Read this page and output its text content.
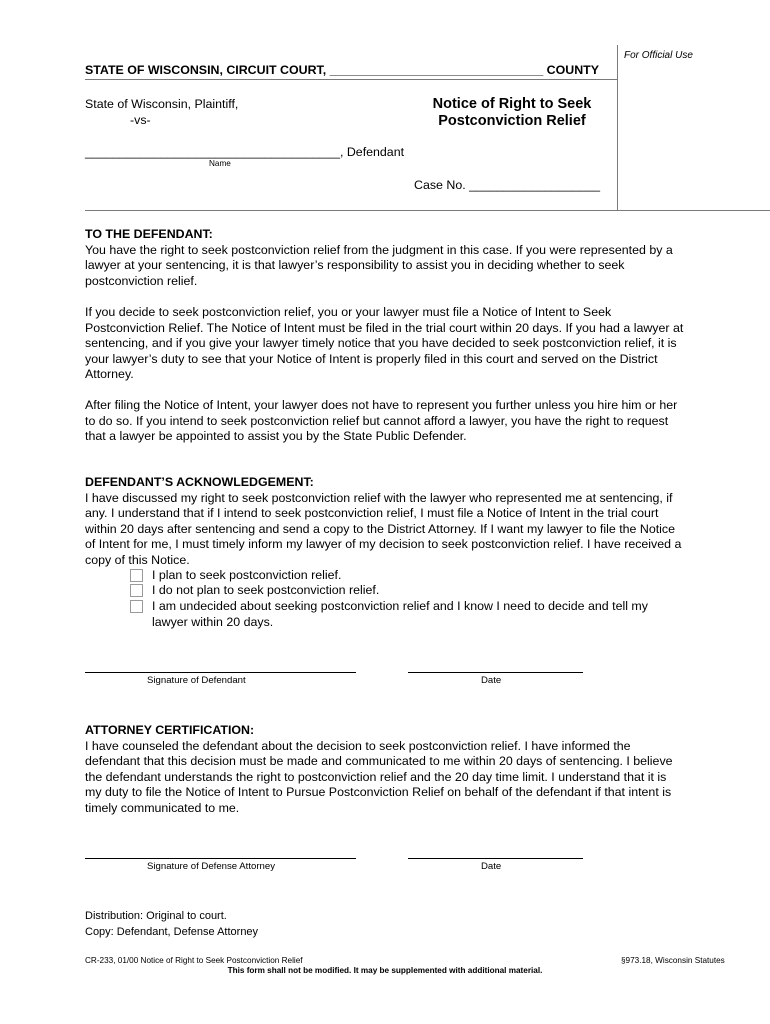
For Official Use
STATE OF WISCONSIN, CIRCUIT COURT, _______________________________ COUNTY
State of Wisconsin, Plaintiff,
-vs-
Notice of Right to Seek
Postconviction Relief
_____________________________________, Defendant
Name
Case No. ___________________

TO THE DEFENDANT:

You have the right to seek postconviction relief from the judgment in this case. If you were represented by a lawyer at your sentencing, it is that lawyer’s responsibility to assist you in deciding whether to seek postconviction relief.

If you decide to seek postconviction relief, you or your lawyer must file a Notice of Intent to Seek Postconviction Relief. The Notice of Intent must be filed in the trial court within 20 days. If you had a lawyer at sentencing, and if you give your lawyer timely notice that you have decided to seek postconviction relief, it is your lawyer’s duty to see that your Notice of Intent is properly filed in this court and served on the District Attorney.

After filing the Notice of Intent, your lawyer does not have to represent you further unless you hire him or her to do so. If you intend to seek postconviction relief but cannot afford a lawyer, you have the right to request that a lawyer be appointed to assist you by the State Public Defender.

DEFENDANT’S ACKNOWLEDGEMENT:

I have discussed my right to seek postconviction relief with the lawyer who represented me at sentencing, if any. I understand that if I intend to seek postconviction relief, I must file a Notice of Intent in the trial court within 20 days after sentencing and send a copy to the District Attorney. If I want my lawyer to file the Notice of Intent for me, I must timely inform my lawyer of my decision to seek postconviction relief. I have received a copy of this Notice.

I plan to seek postconviction relief.
I do not plan to seek postconviction relief.
I am undecided about seeking postconviction relief and I know I need to decide and tell my lawyer within 20 days.
Signature of Defendant	Date

ATTORNEY CERTIFICATION:

I have counseled the defendant about the decision to seek postconviction relief. I have informed the defendant that this decision must be made and communicated to me within 20 days of sentencing. I believe the defendant understands the right to postconviction relief and the 20 day time limit. I understand that it is my duty to file the Notice of Intent to Pursue Postconviction Relief on behalf of the defendant if that intent is timely communicated to me.

Signature of Defense Attorney	Date
Distribution: Original to court.
Copy: Defendant, Defense Attorney
CR-233, 01/00 Notice of Right to Seek Postconviction Relief	§973.18, Wisconsin Statutes
This form shall not be modified. It may be supplemented with additional material.
